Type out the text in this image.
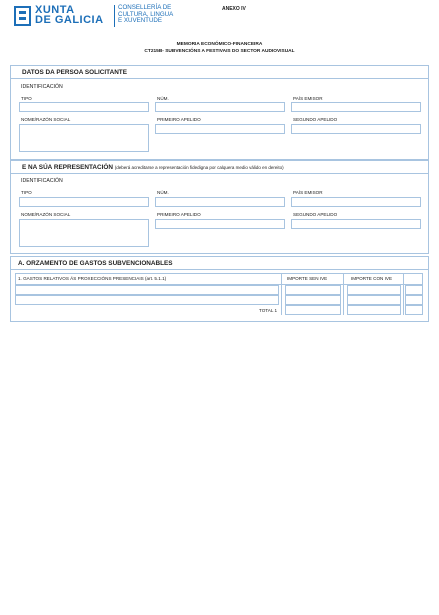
XUNTA
DE GALICIA
CONSELLERÍA DE
CULTURA, LINGUA
E XUVENTUDE
ANEXO IV
MEMORIA ECONÓMICO-FINANCEIRA
CT215B- SUBVENCIÓNS A FESTIVAIS DO SECTOR AUDIOVISUAL
DATOS DA PERSOA SOLICITANTE
IDENTIFICACIÓN
TIPO	NÚM.	PAÍS EMISOR
NOME/RAZÓN SOCIAL	PRIMEIRO APELIDO	SEGUNDO APELIDO
E NA SÚA REPRESENTACIÓN (deberá acreditarse a representación fidedigna por calquera medio válido en dereito)
IDENTIFICACIÓN
TIPO	NÚM.	PAÍS EMISOR
NOME/RAZÓN SOCIAL	PRIMEIRO APELIDO	SEGUNDO APELIDO
A. ORZAMENTO DE GASTOS SUBVENCIONABLES
1. GASTOS RELATIVOS ÁS PROXECCIÓNS PRESENCIAIS (art. 5.1.1)	IMPORTE SEN IVE	IMPORTE CON IVE
TOTAL 1
